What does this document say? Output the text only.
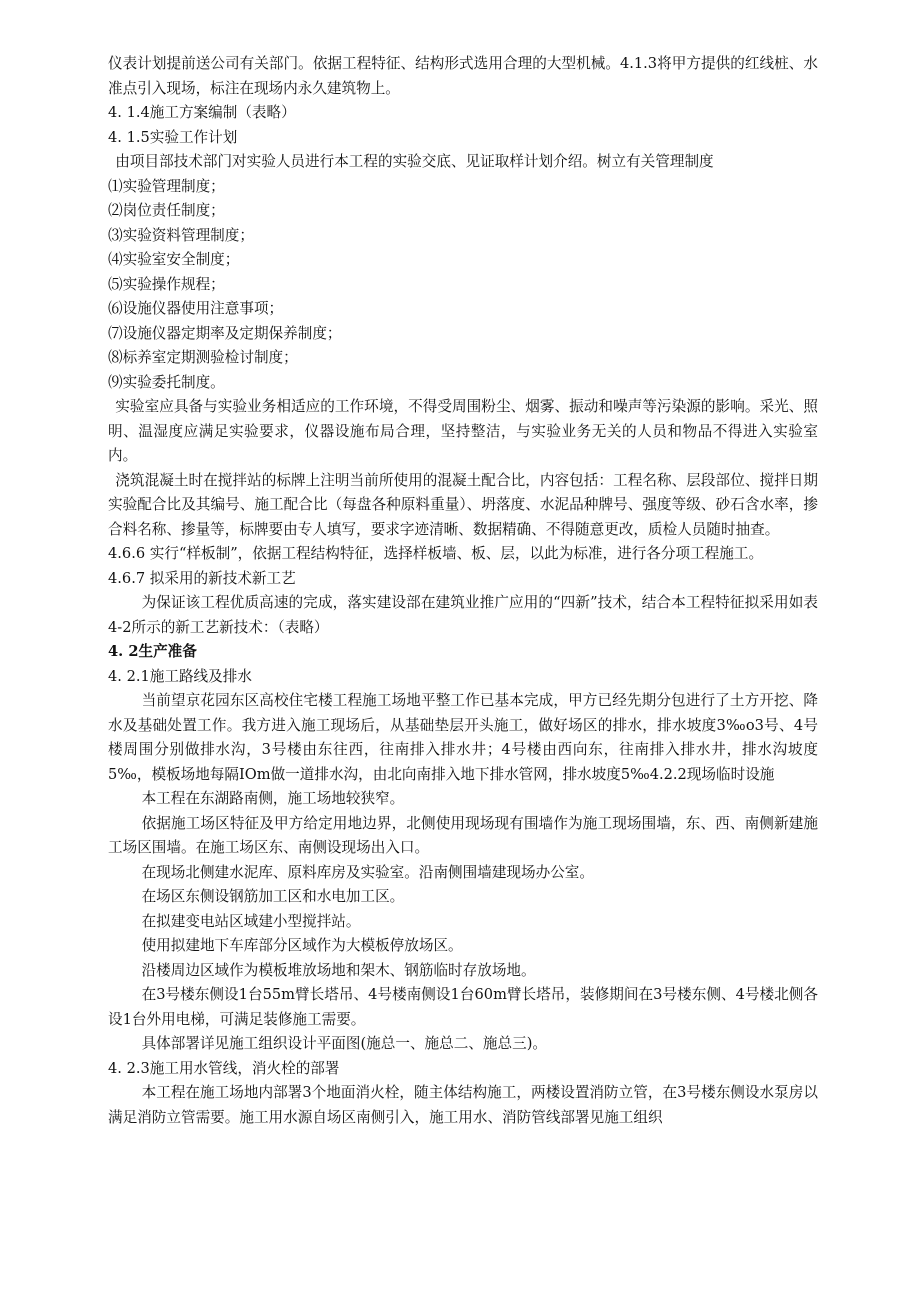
仪表计划提前送公司有关部门。依据工程特征、结构形式选用合理的大型机械。4.1.3将甲方提供的红线桩、水准点引入现场，标注在现场内永久建筑物上。
4. 1.4施工方案编制（表略）
4. 1.5实验工作计划
由项目部技术部门对实验人员进行本工程的实验交底、见证取样计划介绍。树立有关管理制度
⑴实验管理制度；
⑵岗位责任制度；
⑶实验资料管理制度；
⑷实验室安全制度；
⑸实验操作规程；
⑹设施仪器使用注意事项；
⑺设施仪器定期率及定期保养制度；
⑻标养室定期测验检讨制度；
⑼实验委托制度。
实验室应具备与实验业务相适应的工作环境，不得受周围粉尘、烟雾、振动和噪声等污染源的影响。采光、照明、温湿度应满足实验要求，仪器设施布局合理，坚持整洁，与实验业务无关的人员和物品不得进入实验室内。
浇筑混凝土时在搅拌站的标牌上注明当前所使用的混凝土配合比，内容包括：工程名称、层段部位、搅拌日期实验配合比及其编号、施工配合比（每盘各种原料重量）、坍落度、水泥品种牌号、强度等级、砂石含水率，掺合料名称、掺量等，标牌要由专人填写，要求字迹清晰、数据精确、不得随意更改，质检人员随时抽查。
4.6.6 实行“样板制”，依据工程结构特征，选择样板墙、板、层，以此为标准，进行各分项工程施工。
4.6.7 拟采用的新技术新工艺
为保证该工程优质高速的完成，落实建设部在建筑业推广应用的“四新”技术，结合本工程特征拟采用如表4-2所示的新工艺新技术：（表略）
4. 2生产准备
4. 2.1施工路线及排水
当前望京花园东区高校住宅楼工程施工场地平整工作已基本完成，甲方已经先期分包进行了土方开挖、降水及基础处置工作。我方进入施工现场后，从基础垫层开头施工，做好场区的排水，排水坡度3‰o3号、4号楼周围分别做排水沟，3号楼由东往西，往南排入排水井；4号楼由西向东，往南排入排水井，排水沟坡度5‰，模板场地每隔IOm做一道排水沟，由北向南排入地下排水管网，排水坡度5‰4.2.2现场临时设施
本工程在东湖路南侧，施工场地较狭窄。
依据施工场区特征及甲方给定用地边界，北侧使用现场现有围墙作为施工现场围墙，东、西、南侧新建施工场区围墙。在施工场区东、南侧设现场出入口。
在现场北侧建水泥库、原料库房及实验室。沿南侧围墙建现场办公室。
在场区东侧设钢筋加工区和水电加工区。
在拟建变电站区域建小型搅拌站。
使用拟建地下车库部分区域作为大模板停放场区。
沿楼周边区域作为模板堆放场地和架木、钢筋临时存放场地。
在3号楼东侧设1台55m臂长塔吊、4号楼南侧设1台60m臂长塔吊，装修期间在3号楼东侧、4号楼北侧各设1台外用电梯，可满足装修施工需要。
具体部署详见施工组织设计平面图(施总一、施总二、施总三)。
4. 2.3施工用水管线，消火栓的部署
本工程在施工场地内部署3个地面消火栓，随主体结构施工，两楼设置消防立管，在3号楼东侧设水泵房以满足消防立管需要。施工用水源自场区南侧引入，施工用水、消防管线部署见施工组织
